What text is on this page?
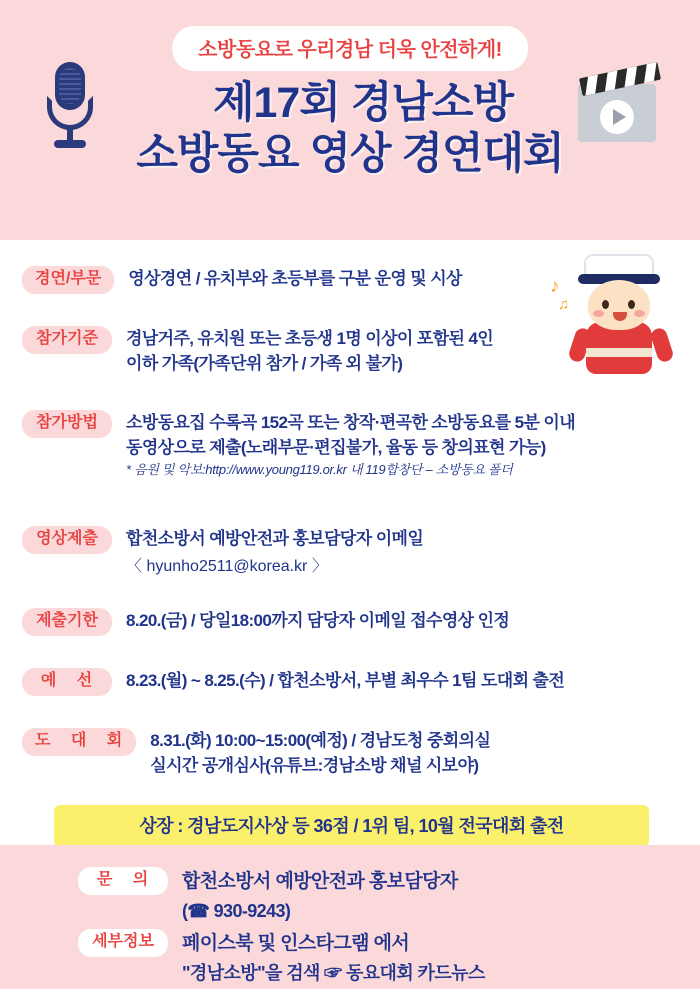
소방동요로 우리경남 더욱 안전하게!
제17회 경남소방
소방동요 영상 경연대회
♪
♫
경연/부문	영상경연 / 유치부와 초등부를 구분 운영 및 시상
참가기준	경남거주, 유치원 또는 초등생 1명 이상이 포함된 4인
이하 가족(가족단위 참가 / 가족 외 불가)
참가방법	소방동요집 수록곡 152곡 또는 창작·편곡한 소방동요를 5분 이내
동영상으로 제출(노래부문·편집불가, 율동 등 창의표현 가능)
* 음원 및 악보:http://www.young119.or.kr 내 119합창단 – 소방동요 폴더
영상제출	합천소방서 예방안전과 홍보담당자 이메일
〈 hyunho2511@korea.kr 〉
제출기한	8.20.(금) / 당일18:00까지 담당자 이메일 접수영상 인정
예 선	8.23.(월) ~ 8.25.(수) / 합천소방서, 부별 최우수 1팀 도대회 출전
도 대 회	8.31.(화) 10:00~15:00(예정) / 경남도청 중회의실
실시간 공개심사(유튜브:경남소방 채널 시보야)
상장 : 경남도지사상 등 36점 / 1위 팀, 10월 전국대회 출전
문 의	합천소방서 예방안전과 홍보담당자
(☎ 930-9243)
세부정보	페이스북 및 인스타그램 에서
"경남소방"을 검색 ☞ 동요대회 카드뉴스
